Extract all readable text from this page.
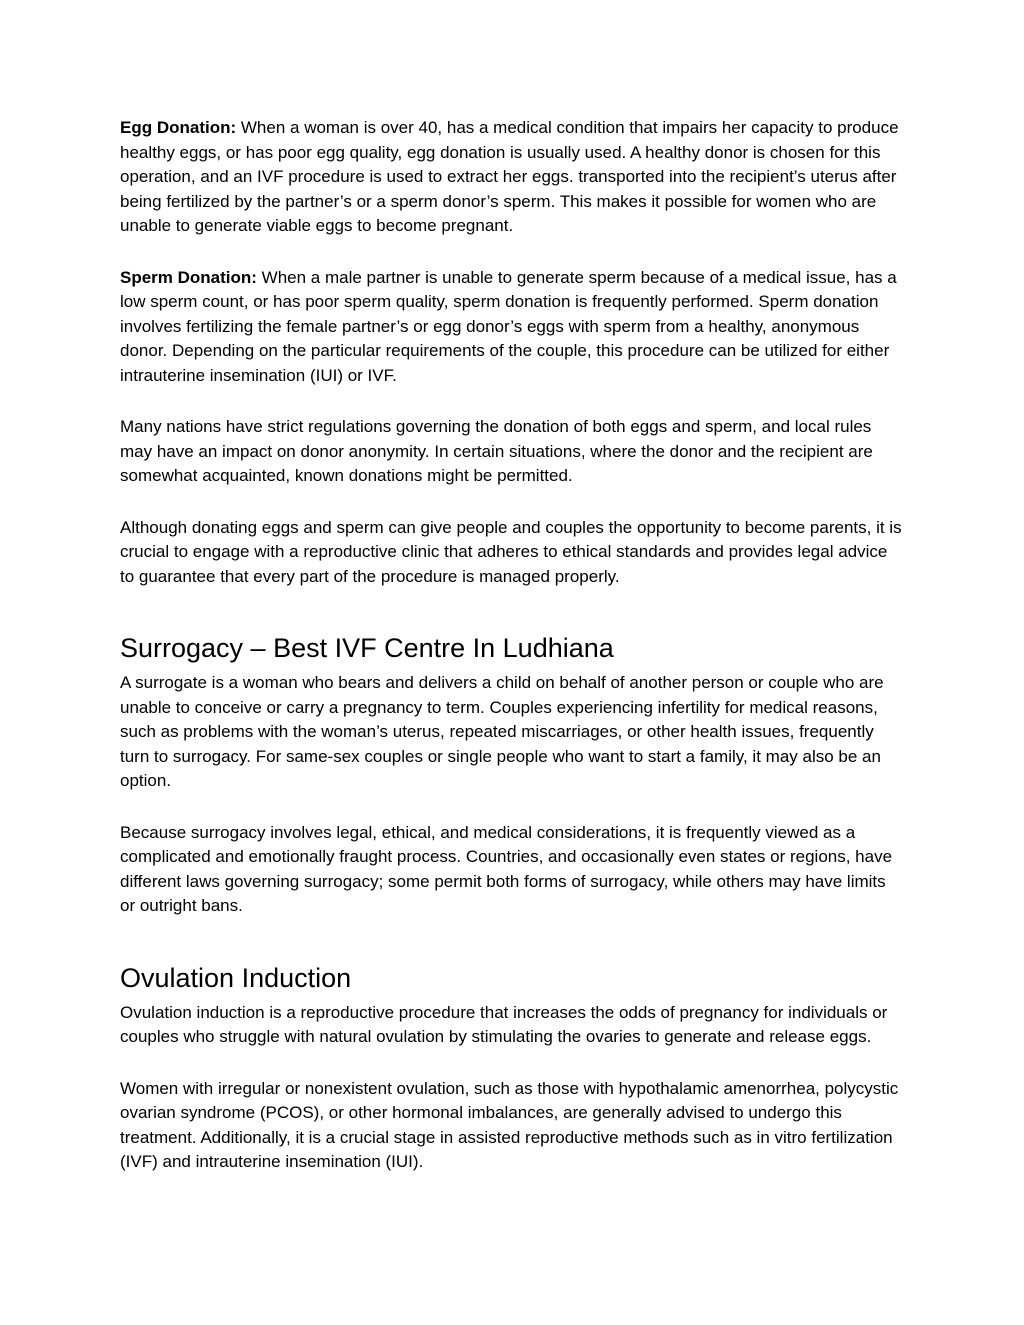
Egg Donation: When a woman is over 40, has a medical condition that impairs her capacity to produce healthy eggs, or has poor egg quality, egg donation is usually used. A healthy donor is chosen for this operation, and an IVF procedure is used to extract her eggs. transported into the recipient’s uterus after being fertilized by the partner’s or a sperm donor’s sperm. This makes it possible for women who are unable to generate viable eggs to become pregnant.

Sperm Donation: When a male partner is unable to generate sperm because of a medical issue, has a low sperm count, or has poor sperm quality, sperm donation is frequently performed. Sperm donation involves fertilizing the female partner’s or egg donor’s eggs with sperm from a healthy, anonymous donor. Depending on the particular requirements of the couple, this procedure can be utilized for either intrauterine insemination (IUI) or IVF.

Many nations have strict regulations governing the donation of both eggs and sperm, and local rules may have an impact on donor anonymity. In certain situations, where the donor and the recipient are somewhat acquainted, known donations might be permitted.

Although donating eggs and sperm can give people and couples the opportunity to become parents, it is crucial to engage with a reproductive clinic that adheres to ethical standards and provides legal advice to guarantee that every part of the procedure is managed properly.

Surrogacy – Best IVF Centre In Ludhiana

A surrogate is a woman who bears and delivers a child on behalf of another person or couple who are unable to conceive or carry a pregnancy to term. Couples experiencing infertility for medical reasons, such as problems with the woman’s uterus, repeated miscarriages, or other health issues, frequently turn to surrogacy. For same-sex couples or single people who want to start a family, it may also be an option.

Because surrogacy involves legal, ethical, and medical considerations, it is frequently viewed as a complicated and emotionally fraught process. Countries, and occasionally even states or regions, have different laws governing surrogacy; some permit both forms of surrogacy, while others may have limits or outright bans.

Ovulation Induction

Ovulation induction is a reproductive procedure that increases the odds of pregnancy for individuals or couples who struggle with natural ovulation by stimulating the ovaries to generate and release eggs.

Women with irregular or nonexistent ovulation, such as those with hypothalamic amenorrhea, polycystic ovarian syndrome (PCOS), or other hormonal imbalances, are generally advised to undergo this treatment. Additionally, it is a crucial stage in assisted reproductive methods such as in vitro fertilization (IVF) and intrauterine insemination (IUI).
